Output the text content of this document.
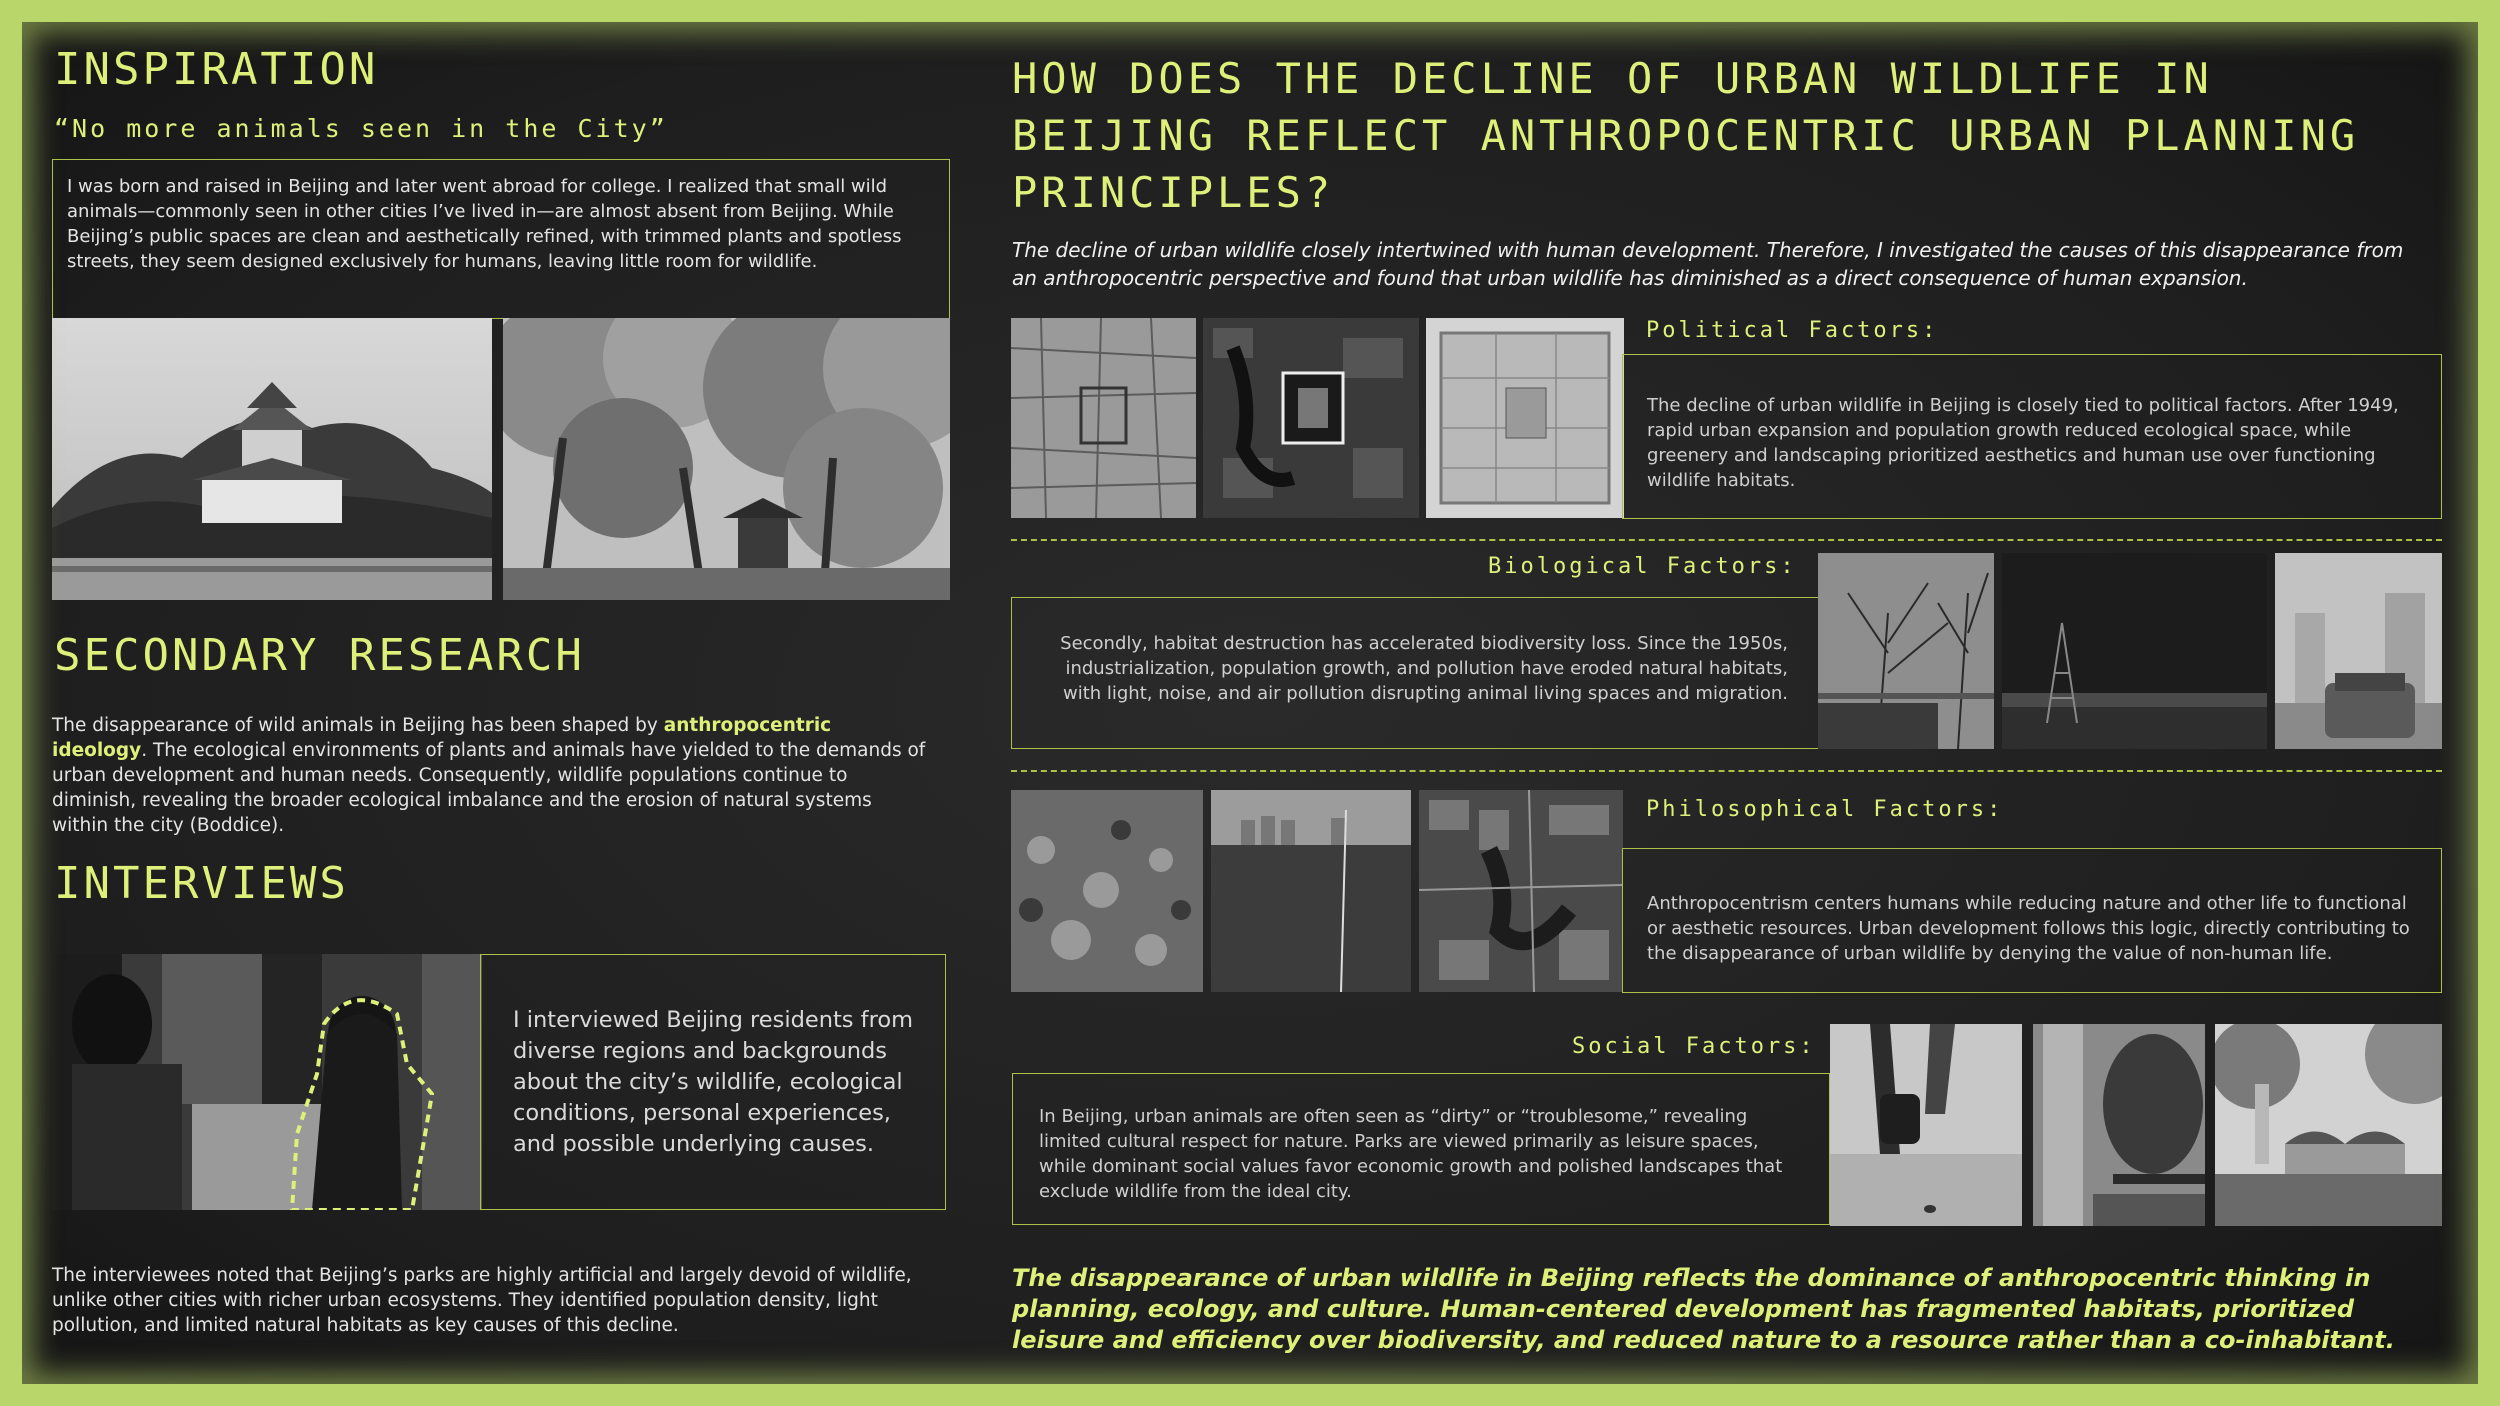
INSPIRATION
“No more animals seen in the City”
I was born and raised in Beijing and later went abroad for college. I realized that small wild animals—commonly seen in other cities I’ve lived in—are almost absent from Beijing. While Beijing’s public spaces are clean and aesthetically refined, with trimmed plants and spotless streets, they seem designed exclusively for humans, leaving little room for wildlife.
SECONDARY RESEARCH
The disappearance of wild animals in Beijing has been shaped by anthropocentric ideology. The ecological environments of plants and animals have yielded to the demands of urban development and human needs. Consequently, wildlife populations continue to diminish, revealing the broader ecological imbalance and the erosion of natural systems within the city (Boddice).
INTERVIEWS
I interviewed Beijing residents from diverse regions and backgrounds about the city’s wildlife, ecological conditions, personal experiences, and possible underlying causes.
The interviewees noted that Beijing’s parks are highly artificial and largely devoid of wildlife, unlike other cities with richer urban ecosystems. They identified population density, light pollution, and limited natural habitats as key causes of this decline.
HOW DOES THE DECLINE OF URBAN WILDLIFE IN BEIJING REFLECT ANTHROPOCENTRIC URBAN PLANNING PRINCIPLES?
The decline of urban wildlife closely intertwined with human development. Therefore, I investigated the causes of this disappearance from an anthropocentric perspective and found that urban wildlife has diminished as a direct consequence of human expansion.
Political Factors:
The decline of urban wildlife in Beijing is closely tied to political factors. After 1949, rapid urban expansion and population growth reduced ecological space, while greenery and landscaping prioritized aesthetics and human use over functioning wildlife habitats.
Biological Factors:
Secondly, habitat destruction has accelerated biodiversity loss. Since the 1950s, industrialization, population growth, and pollution have eroded natural habitats, with light, noise, and air pollution disrupting animal living spaces and migration.
Philosophical Factors:
Anthropocentrism centers humans while reducing nature and other life to functional or aesthetic resources. Urban development follows this logic, directly contributing to the disappearance of urban wildlife by denying the value of non-human life.
Social Factors:
In Beijing, urban animals are often seen as “dirty” or “troublesome,” revealing limited cultural respect for nature. Parks are viewed primarily as leisure spaces, while dominant social values favor economic growth and polished landscapes that exclude wildlife from the ideal city.
The disappearance of urban wildlife in Beijing reflects the dominance of anthropocentric thinking in planning, ecology, and culture. Human-centered development has fragmented habitats, prioritized leisure and efficiency over biodiversity, and reduced nature to a resource rather than a co-inhabitant.
